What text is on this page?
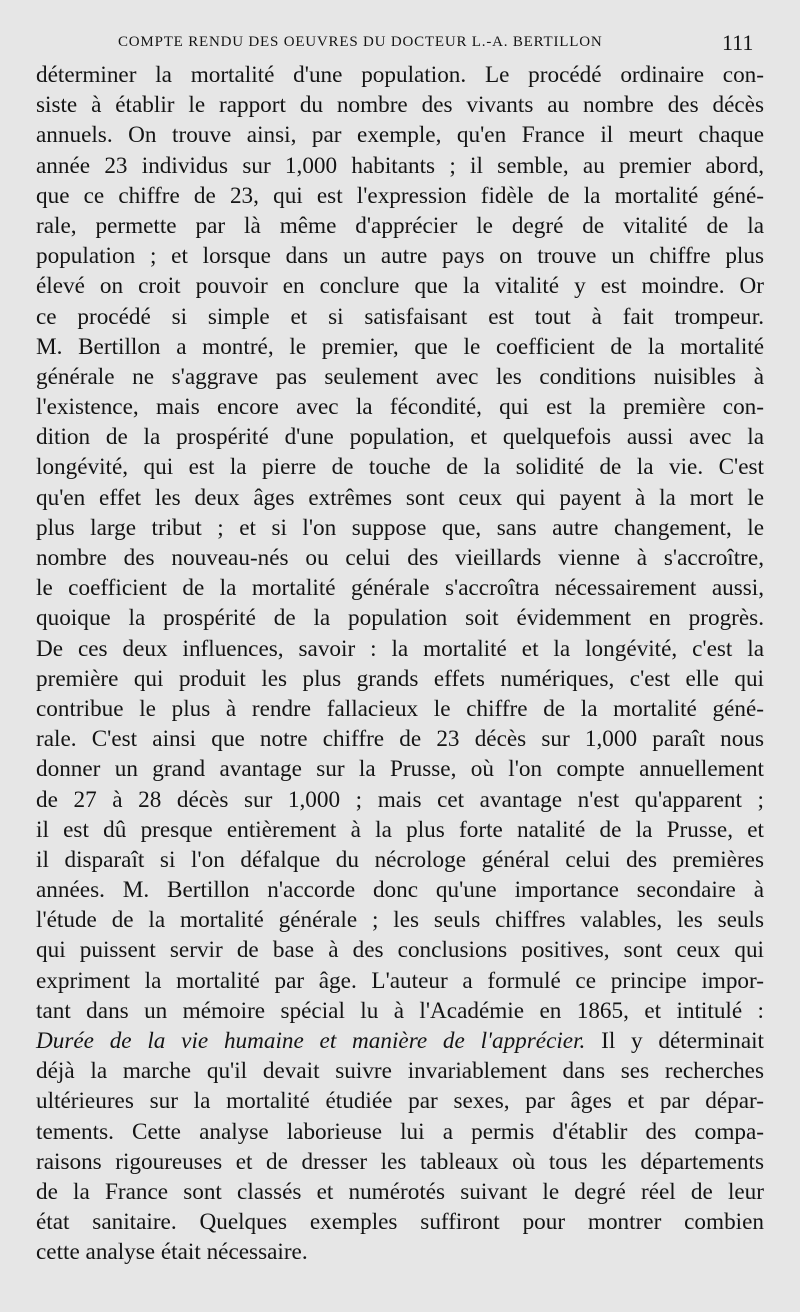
COMPTE RENDU DES OEUVRES DU DOCTEUR L.-A. BERTILLON	111
déterminer la mortalité d'une population. Le procédé ordinaire con-
siste à établir le rapport du nombre des vivants au nombre des décès
annuels. On trouve ainsi, par exemple, qu'en France il meurt chaque
année 23 individus sur 1,000 habitants ; il semble, au premier abord,
que ce chiffre de 23, qui est l'expression fidèle de la mortalité géné-
rale, permette par là même d'apprécier le degré de vitalité de la
population ; et lorsque dans un autre pays on trouve un chiffre plus
élevé on croit pouvoir en conclure que la vitalité y est moindre. Or
ce procédé si simple et si satisfaisant est tout à fait trompeur.
M. Bertillon a montré, le premier, que le coefficient de la mortalité
générale ne s'aggrave pas seulement avec les conditions nuisibles à
l'existence, mais encore avec la fécondité, qui est la première con-
dition de la prospérité d'une population, et quelquefois aussi avec la
longévité, qui est la pierre de touche de la solidité de la vie. C'est
qu'en effet les deux âges extrêmes sont ceux qui payent à la mort le
plus large tribut ; et si l'on suppose que, sans autre changement, le
nombre des nouveau-nés ou celui des vieillards vienne à s'accroître,
le coefficient de la mortalité générale s'accroîtra nécessairement aussi,
quoique la prospérité de la population soit évidemment en progrès.
De ces deux influences, savoir : la mortalité et la longévité, c'est la
première qui produit les plus grands effets numériques, c'est elle qui
contribue le plus à rendre fallacieux le chiffre de la mortalité géné-
rale. C'est ainsi que notre chiffre de 23 décès sur 1,000 paraît nous
donner un grand avantage sur la Prusse, où l'on compte annuellement
de 27 à 28 décès sur 1,000 ; mais cet avantage n'est qu'apparent ;
il est dû presque entièrement à la plus forte natalité de la Prusse, et
il disparaît si l'on défalque du nécrologe général celui des premières
années. M. Bertillon n'accorde donc qu'une importance secondaire à
l'étude de la mortalité générale ; les seuls chiffres valables, les seuls
qui puissent servir de base à des conclusions positives, sont ceux qui
expriment la mortalité par âge. L'auteur a formulé ce principe impor-
tant dans un mémoire spécial lu à l'Académie en 1865, et intitulé :
Durée de la vie humaine et manière de l'apprécier. Il y déterminait
déjà la marche qu'il devait suivre invariablement dans ses recherches
ultérieures sur la mortalité étudiée par sexes, par âges et par dépar-
tements. Cette analyse laborieuse lui a permis d'établir des compa-
raisons rigoureuses et de dresser les tableaux où tous les départements
de la France sont classés et numérotés suivant le degré réel de leur
état sanitaire. Quelques exemples suffiront pour montrer combien
cette analyse était nécessaire.
